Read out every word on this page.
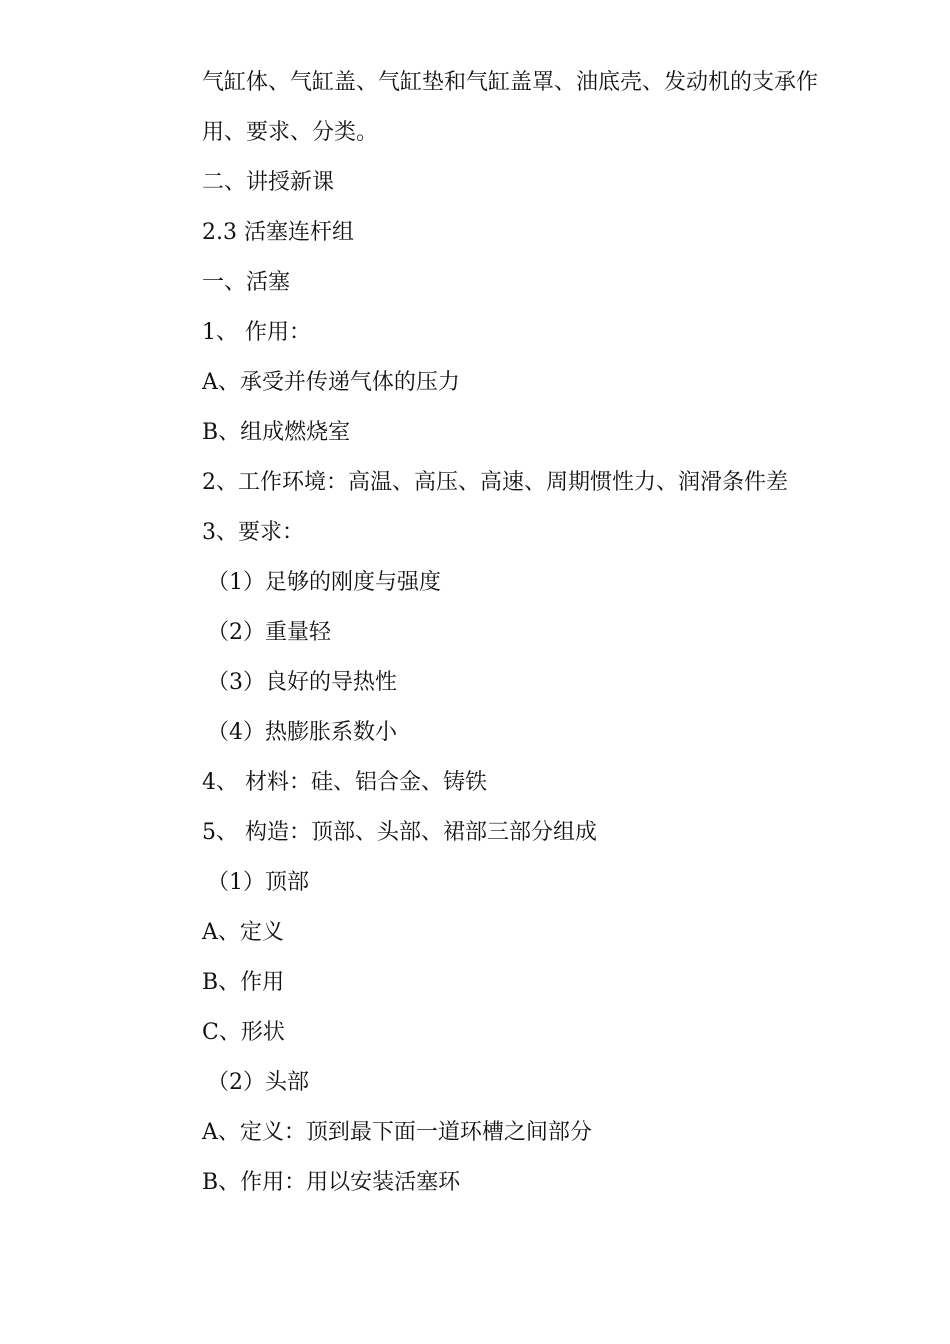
气缸体、气缸盖、气缸垫和气缸盖罩、油底壳、发动机的支承作
用、要求、分类。
二、讲授新课
2.3 活塞连杆组
一、活塞
1、 作用：
A、承受并传递气体的压力
B、组成燃烧室
2、工作环境：高温、高压、高速、周期惯性力、润滑条件差
3、要求：
（1）足够的刚度与强度
（2）重量轻
（3）良好的导热性
（4）热膨胀系数小
4、 材料：硅、铝合金、铸铁
5、 构造：顶部、头部、裙部三部分组成
（1）顶部
A、定义
B、作用
C、形状
（2）头部
A、定义：顶到最下面一道环槽之间部分
B、作用：用以安装活塞环
